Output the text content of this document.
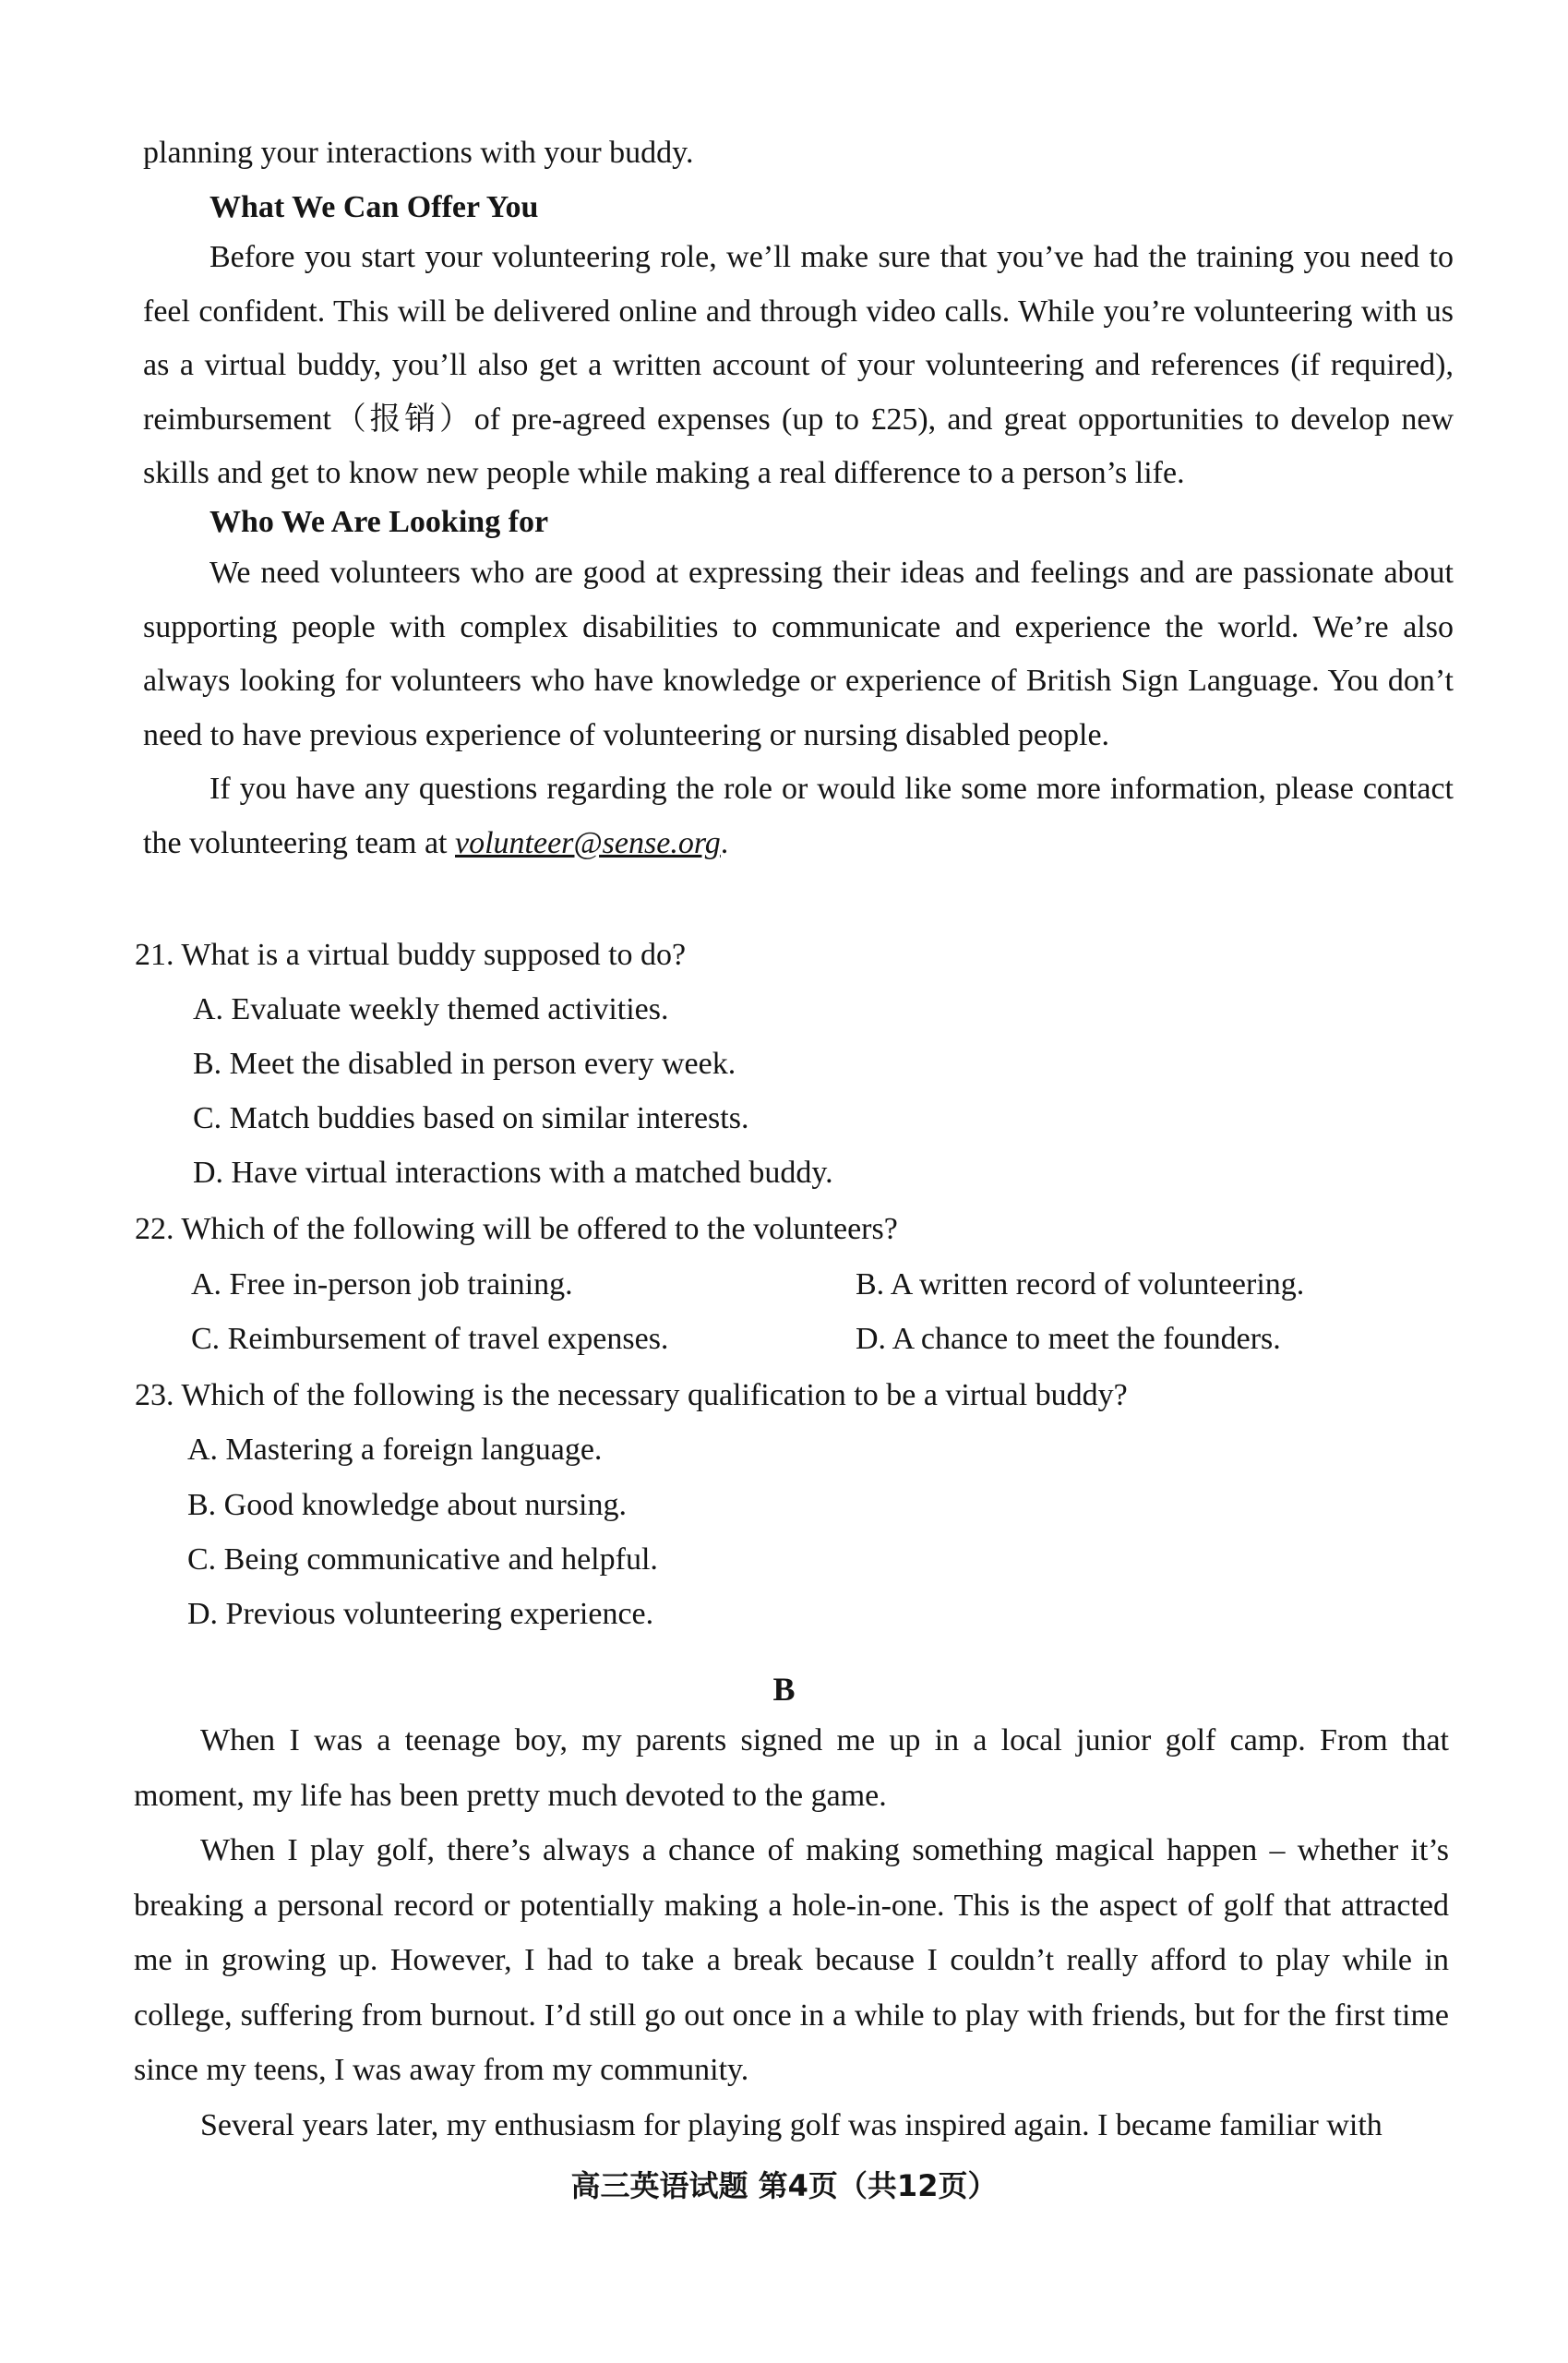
planning your interactions with your buddy.
What We Can Offer You
Before you start your volunteering role, we’ll make sure that you’ve had the training you need to feel confident. This will be delivered online and through video calls. While you’re volunteering with us as a virtual buddy, you’ll also get a written account of your volunteering and references (if required), reimbursement（报销）of pre-agreed expenses (up to £25), and great opportunities to develop new skills and get to know new people while making a real difference to a person’s life.
Who We Are Looking for
We need volunteers who are good at expressing their ideas and feelings and are passionate about supporting people with complex disabilities to communicate and experience the world. We’re also always looking for volunteers who have knowledge or experience of British Sign Language. You don’t need to have previous experience of volunteering or nursing disabled people.
If you have any questions regarding the role or would like some more information, please contact the volunteering team at volunteer@sense.org.
21. What is a virtual buddy supposed to do?
A. Evaluate weekly themed activities.
B. Meet the disabled in person every week.
C. Match buddies based on similar interests.
D. Have virtual interactions with a matched buddy.
22. Which of the following will be offered to the volunteers?
A. Free in-person job training.	B. A written record of volunteering.
C. Reimbursement of travel expenses.	D. A chance to meet the founders.
23. Which of the following is the necessary qualification to be a virtual buddy?
A. Mastering a foreign language.
B. Good knowledge about nursing.
C. Being communicative and helpful.
D. Previous volunteering experience.
B
When I was a teenage boy, my parents signed me up in a local junior golf camp. From that moment, my life has been pretty much devoted to the game.
When I play golf, there’s always a chance of making something magical happen – whether it’s breaking a personal record or potentially making a hole-in-one. This is the aspect of golf that attracted me in growing up. However, I had to take a break because I couldn’t really afford to play while in college, suffering from burnout. I’d still go out once in a while to play with friends, but for the first time since my teens, I was away from my community.
Several years later, my enthusiasm for playing golf was inspired again. I became familiar with
高三英语试题 第4页（共12页）
